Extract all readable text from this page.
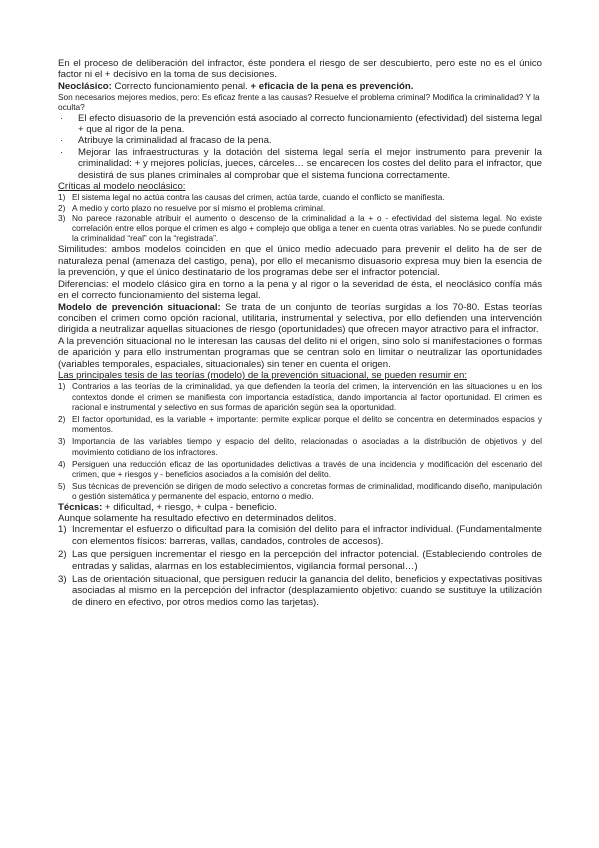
En el proceso de deliberación del infractor, éste pondera el riesgo de ser descubierto, pero este no es el único factor ni el + decisivo en la toma de sus decisiones.

Neoclásico: Correcto funcionamiento penal. + eficacia de la pena es prevención.

Son necesarios mejores medios, pero: Es eficaz frente a las causas? Resuelve el problema criminal? Modifica la criminalidad? Y la oculta?

·	El efecto disuasorio de la prevención está asociado al correcto funcionamiento (efectividad) del sistema legal + que al rigor de la pena.
·	Atribuye la criminalidad al fracaso de la pena.
·	Mejorar las infraestructuras y la dotación del sistema legal sería el mejor instrumento para prevenir la criminalidad: + y mejores policías, jueces, cárceles… se encarecen los costes del delito para el infractor, que desistirá de sus planes criminales al comprobar que el sistema funciona correctamente.

Críticas al modelo neoclásico:

1) El sistema legal no actúa contra las causas del crimen, actúa tarde, cuando el conflicto se manifiesta.
2) A medio y corto plazo no resuelve por sí mismo el problema criminal.
3) No parece razonable atribuir el aumento o descenso de la criminalidad a la + o - efectividad del sistema legal. No existe correlación entre ellos porque el crimen es algo + complejo que obliga a tener en cuenta otras variables. No se puede confundir la criminalidad “real” con la “registrada”.

Similitudes: ambos modelos coinciden en que el único medio adecuado para prevenir el delito ha de ser de naturaleza penal (amenaza del castigo, pena), por ello el mecanismo disuasorio expresa muy bien la esencia de la prevención, y que el único destinatario de los programas debe ser el infractor potencial.

Diferencias: el modelo clásico gira en torno a la pena y al rigor o la severidad de ésta, el neoclásico confía más en el correcto funcionamiento del sistema legal.

Modelo de prevención situacional: Se trata de un conjunto de teorías surgidas a los 70-80. Estas teorías conciben el crimen como opción racional, utilitaria, instrumental y selectiva, por ello defienden una intervención dirigida a neutralizar aquellas situaciones de riesgo (oportunidades) que ofrecen mayor atractivo para el infractor.

A la prevención situacional no le interesan las causas del delito ni el origen, sino solo si manifestaciones o formas de aparición y para ello instrumentan programas que se centran solo en limitar o neutralizar las oportunidades (variables temporales, espaciales, situacionales) sin tener en cuenta el origen.

Las principales tesis de las teorías (modelo) de la prevención situacional, se pueden resumir en:

1) Contrarios a las teorías de la criminalidad, ya que defienden la teoría del crimen, la intervención en las situaciones u en los contextos donde el crimen se manifiesta con importancia estadística, dando importancia al factor oportunidad. El crimen es racional e instrumental y selectivo en sus formas de aparición según sea la oportunidad.
2) El factor oportunidad, es la variable + importante: permite explicar porque el delito se concentra en determinados espacios y momentos.
3) Importancia de las variables tiempo y espacio del delito, relacionadas o asociadas a la distribución de objetivos y del movimiento cotidiano de los infractores.
4) Persiguen una reducción eficaz de las oportunidades delictivas a través de una incidencia y modificación del escenario del crimen, que + riesgos y - beneficios asociados a la comisión del delito.
5) Sus técnicas de prevención se dirigen de modo selectivo a concretas formas de criminalidad, modificando diseño, manipulación o gestión sistemática y permanente del espacio, entorno o medio.

Técnicas: + dificultad, + riesgo, + culpa - beneficio.

Aunque solamente ha resultado efectivo en determinados delitos.

1) Incrementar el esfuerzo o dificultad para la comisión del delito para el infractor individual. (Fundamentalmente con elementos físicos: barreras, vallas, candados, controles de accesos).
2) Las que persiguen incrementar el riesgo en la percepción del infractor potencial. (Estableciendo controles de entradas y salidas, alarmas en los establecimientos, vigilancia formal personal…)
3) Las de orientación situacional, que persiguen reducir la ganancia del delito, beneficios y expectativas positivas asociadas al mismo en la percepción del infractor (desplazamiento objetivo: cuando se sustituye la utilización de dinero en efectivo, por otros medios como las tarjetas).
